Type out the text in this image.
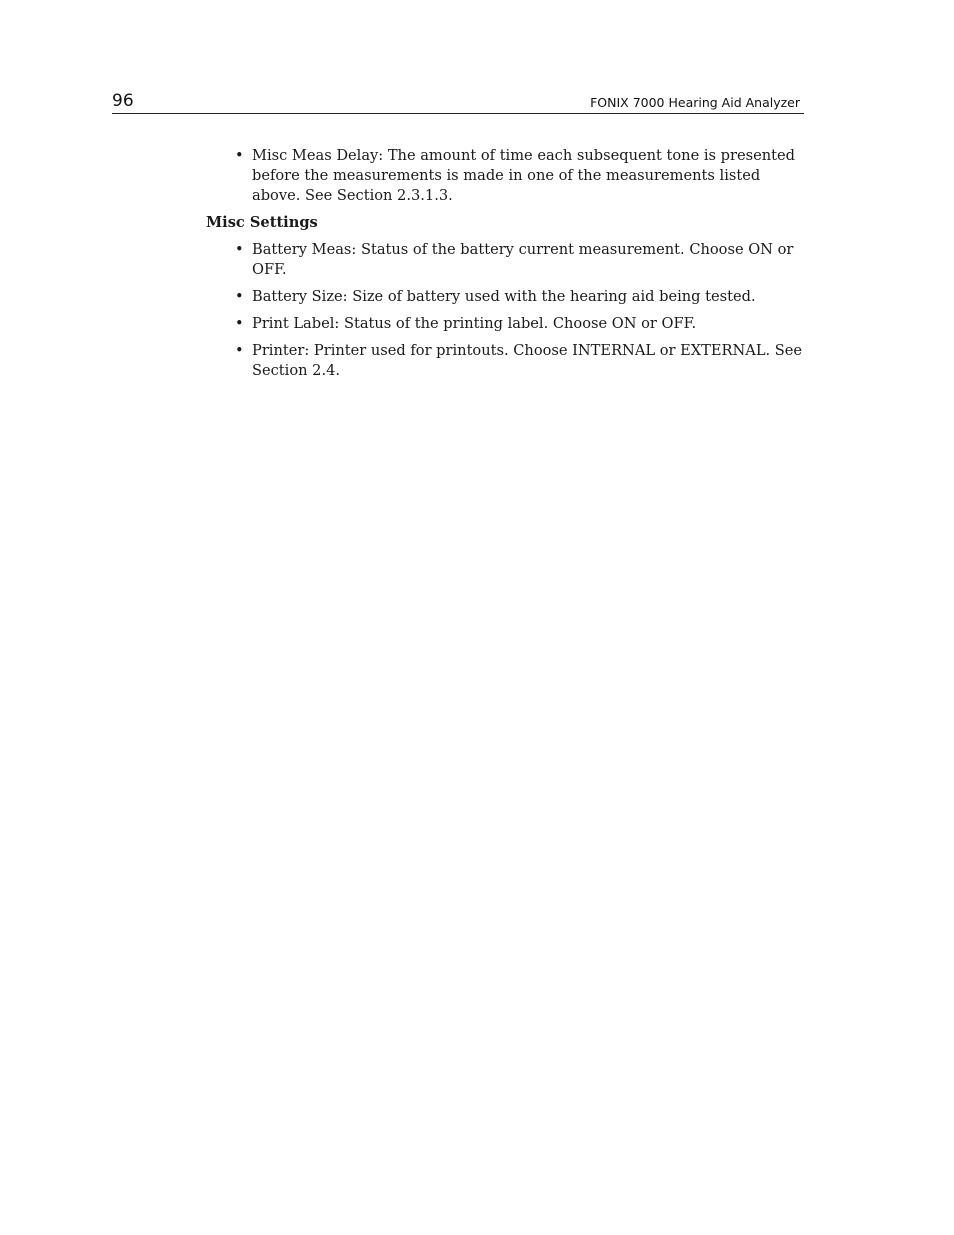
96	FONIX 7000 Hearing Aid Analyzer
• Misc Meas Delay: The amount of time each subsequent tone is presented before the measurements is made in one of the measurements listed above. See Section 2.3.1.3.
Misc Settings
• Battery Meas: Status of the battery current measurement. Choose ON or OFF.
• Battery Size: Size of battery used with the hearing aid being tested.
• Print Label: Status of the printing label. Choose ON or OFF.
• Printer: Printer used for printouts. Choose INTERNAL or EXTERNAL. See Section 2.4.
